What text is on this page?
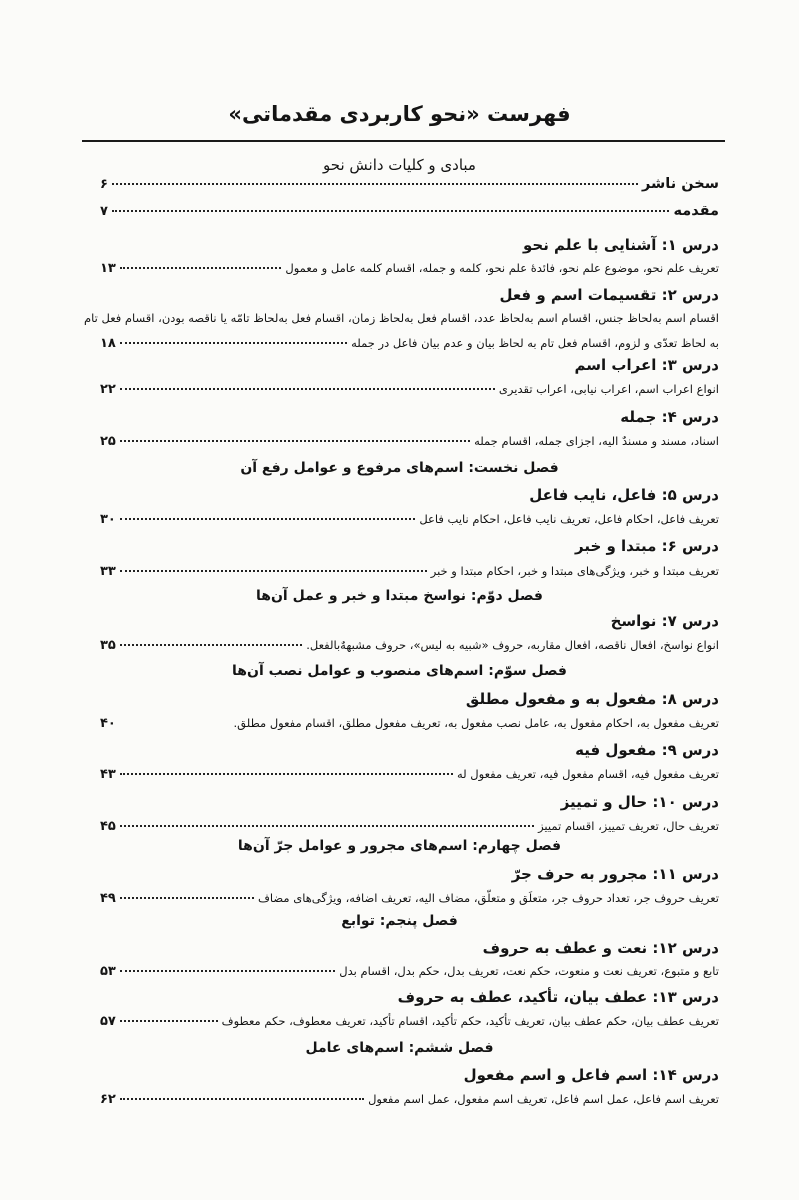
فهرست «نحو کاربردی مقدماتی»
مبادی و کلیات دانش نحو
سخن ناشر
۶
مقدمه
۷
درس ۱: آشنایی با علم نحو
تعریف علم نحو، موضوع علم نحو، فائدۀ علم نحو، کلمه و جمله، اقسام کلمه عامل و معمول
۱۳
درس ۲: تقسیمات اسم و فعل
اقسام اسم به‌لحاظ جنس، اقسام اسم به‌لحاظ عدد، اقسام فعل به‌لحاظ زمان، اقسام فعل به‌لحاظ تامّه یا ناقصه بودن، اقسام فعل تام
به لحاظ تعدّی و لزوم، اقسام فعل تام به لحاظ بیان و عدم بیان فاعل در جمله
۱۸
درس ۳: اعراب اسم
انواع اعراب اسم، اعراب نیابی، اعراب تقدیری
۲۲
درس ۴: جمله
اسناد، مسند و مسندٌ الیه، اجزای جمله، اقسام جمله
۲۵
درس ۵: فاعل، نایب فاعل
تعریف فاعل، احکام فاعل، تعریف نایب فاعل، احکام نایب فاعل
۳۰
درس ۶: مبتدا و خبر
تعریف مبتدا و خبر، ویژگی‌های مبتدا و خبر، احکام مبتدا و خبر
۳۳
درس ۷: نواسخ
انواع نواسخ، افعال ناقصه، افعال مقاربه، حروف «شبیه به لیس»، حروف مشبههٌ‌بالفعل.
۳۵
درس ۸: مفعول به و مفعول مطلق
تعریف مفعول به، احکام مفعول به، عامل نصب مفعول به، تعریف مفعول مطلق، اقسام مفعول مطلق.
۴۰
درس ۹: مفعول فیه
تعریف مفعول فیه، اقسام مفعول فیه، تعریف مفعول له
۴۳
درس ۱۰: حال و تمییز
تعریف حال، تعریف تمییز، اقسام تمییز
۴۵
درس ۱۱: مجرور به حرف جرّ
تعریف حروف جر، تعداد حروف جر، متعلَق و متعلّق، مضاف الیه، تعریف اضافه، ویژگی‌های مضاف
۴۹
درس ۱۲: نعت و عطف به حروف
تابع و متبوع، تعریف نعت و منعوت، حکم نعت، تعریف بدل، حکم بدل، اقسام بدل
۵۳
درس ۱۳: عطف بیان، تأکید، عطف به حروف
تعریف عطف بیان، حکم عطف بیان، تعریف تأکید، حکم تأکید، اقسام تأکید، تعریف معطوف، حکم معطوف
۵۷
درس ۱۴: اسم فاعل و اسم مفعول
تعریف اسم فاعل، عمل اسم فاعل، تعریف اسم مفعول، عمل اسم مفعول
۶۲
فصل نخست: اسم‌های مرفوع و عوامل رفع آن
فصل دوّم: نواسخ مبتدا و خبر و عمل آن‌ها
فصل سوّم: اسم‌های منصوب و عوامل نصب آن‌ها
فصل چهارم: اسم‌های مجرور و عوامل جرّ آن‌ها
فصل پنجم: توابع
فصل ششم: اسم‌های عامل
